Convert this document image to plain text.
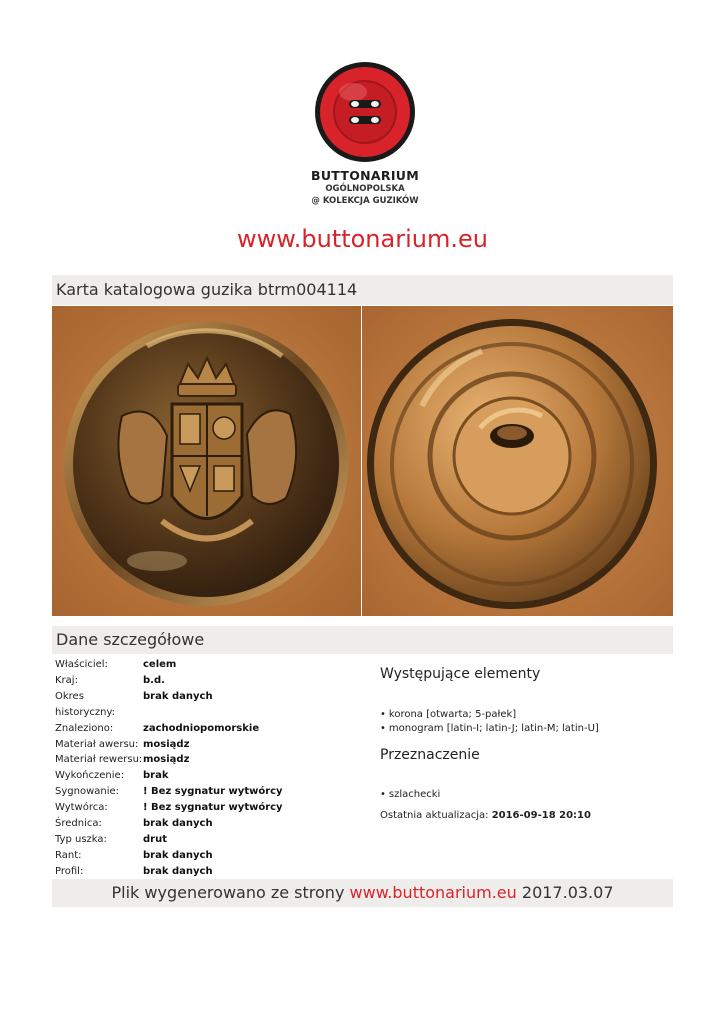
BUTTONARIUM
OGÓLNOPOLSKA
@ KOLEKCJA GUZIKÓW
www.buttonarium.eu
Karta katalogowa guzika btrm004114
Dane szczegółowe
Właściciel:	celem
Kraj:	b.d.
Okres historyczny:
brak danych
Znaleziono:	zachodniopomorskie
Materiał awersu: mosiądz
Materiał rewersu: mosiądz
Wykończenie:	brak
Sygnowanie:	! Bez sygnatur wytwórcy
Wytwórca:	! Bez sygnatur wytwórcy
Średnica:	brak danych
Typ uszka:	drut
Rant:	brak danych
Profil:	brak danych
Występujące elementy
• korona [otwarta; 5-pałek]
• monogram [latin-I; latin-J; latin-M; latin-U]
Przeznaczenie
• szlachecki
Ostatnia aktualizacja: 2016-09-18 20:10
Plik wygenerowano ze strony www.buttonarium.eu 2017.03.07
